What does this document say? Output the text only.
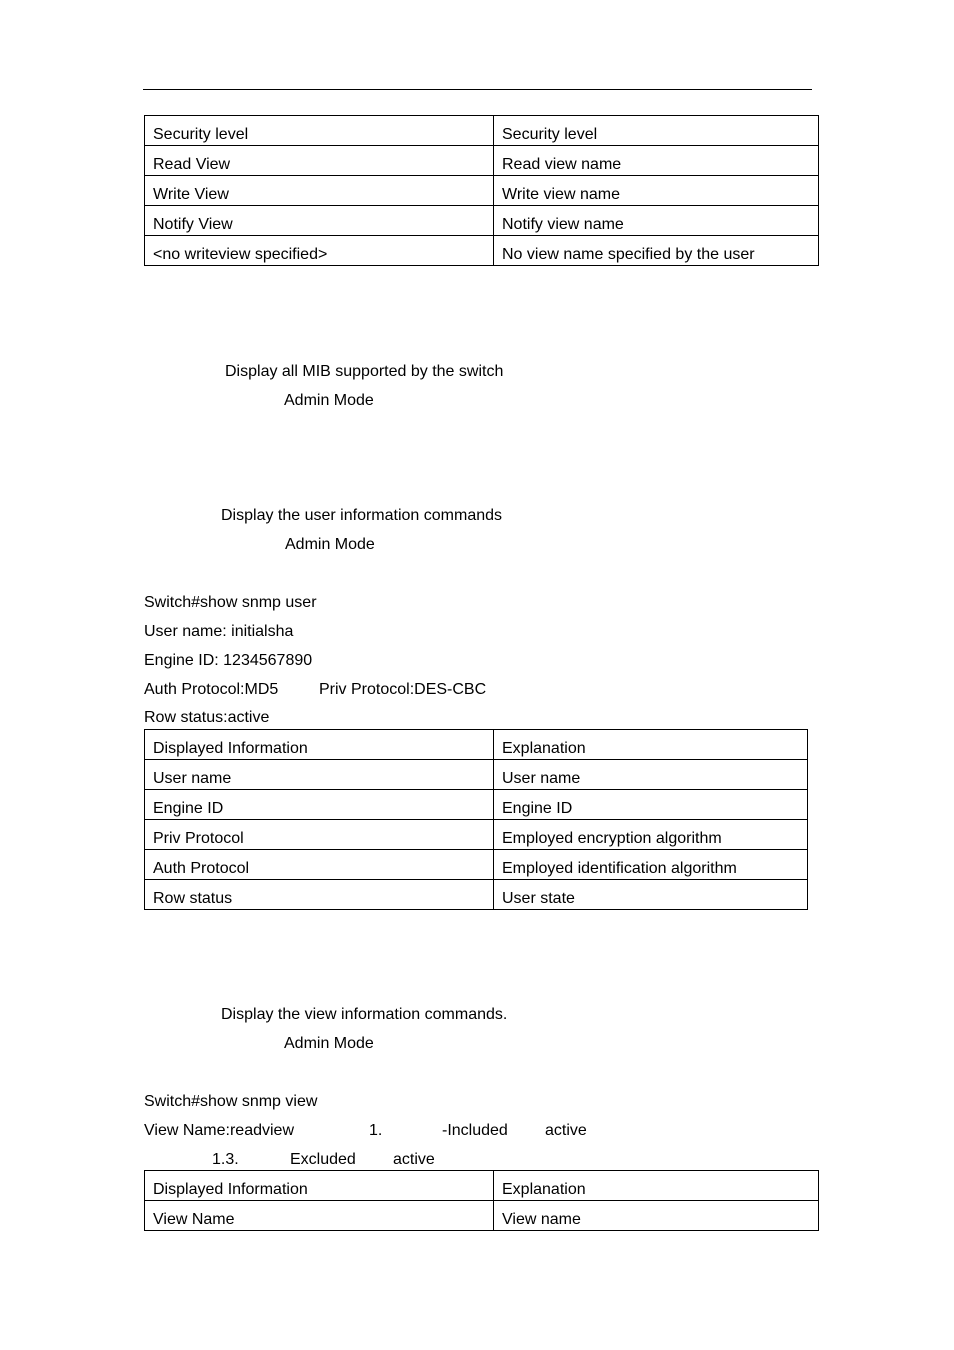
Security level	Security level

Read View	Read view name

Write View	Write view name

Notify View	Notify view name

<no writeview specified>	No view name specified by the user
Display all MIB supported by the switch
Admin Mode
Display the user information commands
Admin Mode
Switch#show snmp user
User name: initialsha
Engine ID: 1234567890
Auth Protocol:MD5	Priv Protocol:DES-CBC
Row status:active
Displayed Information	Explanation

User name	User name

Engine ID	Engine ID

Priv Protocol	Employed encryption algorithm

Auth Protocol	Employed identification algorithm

Row status	User state
Display the view information commands.
Admin Mode
Switch#show snmp view
View Name:readview	1.	-Included active
1.3.	Excluded active
Displayed Information	Explanation

View Name	View name
